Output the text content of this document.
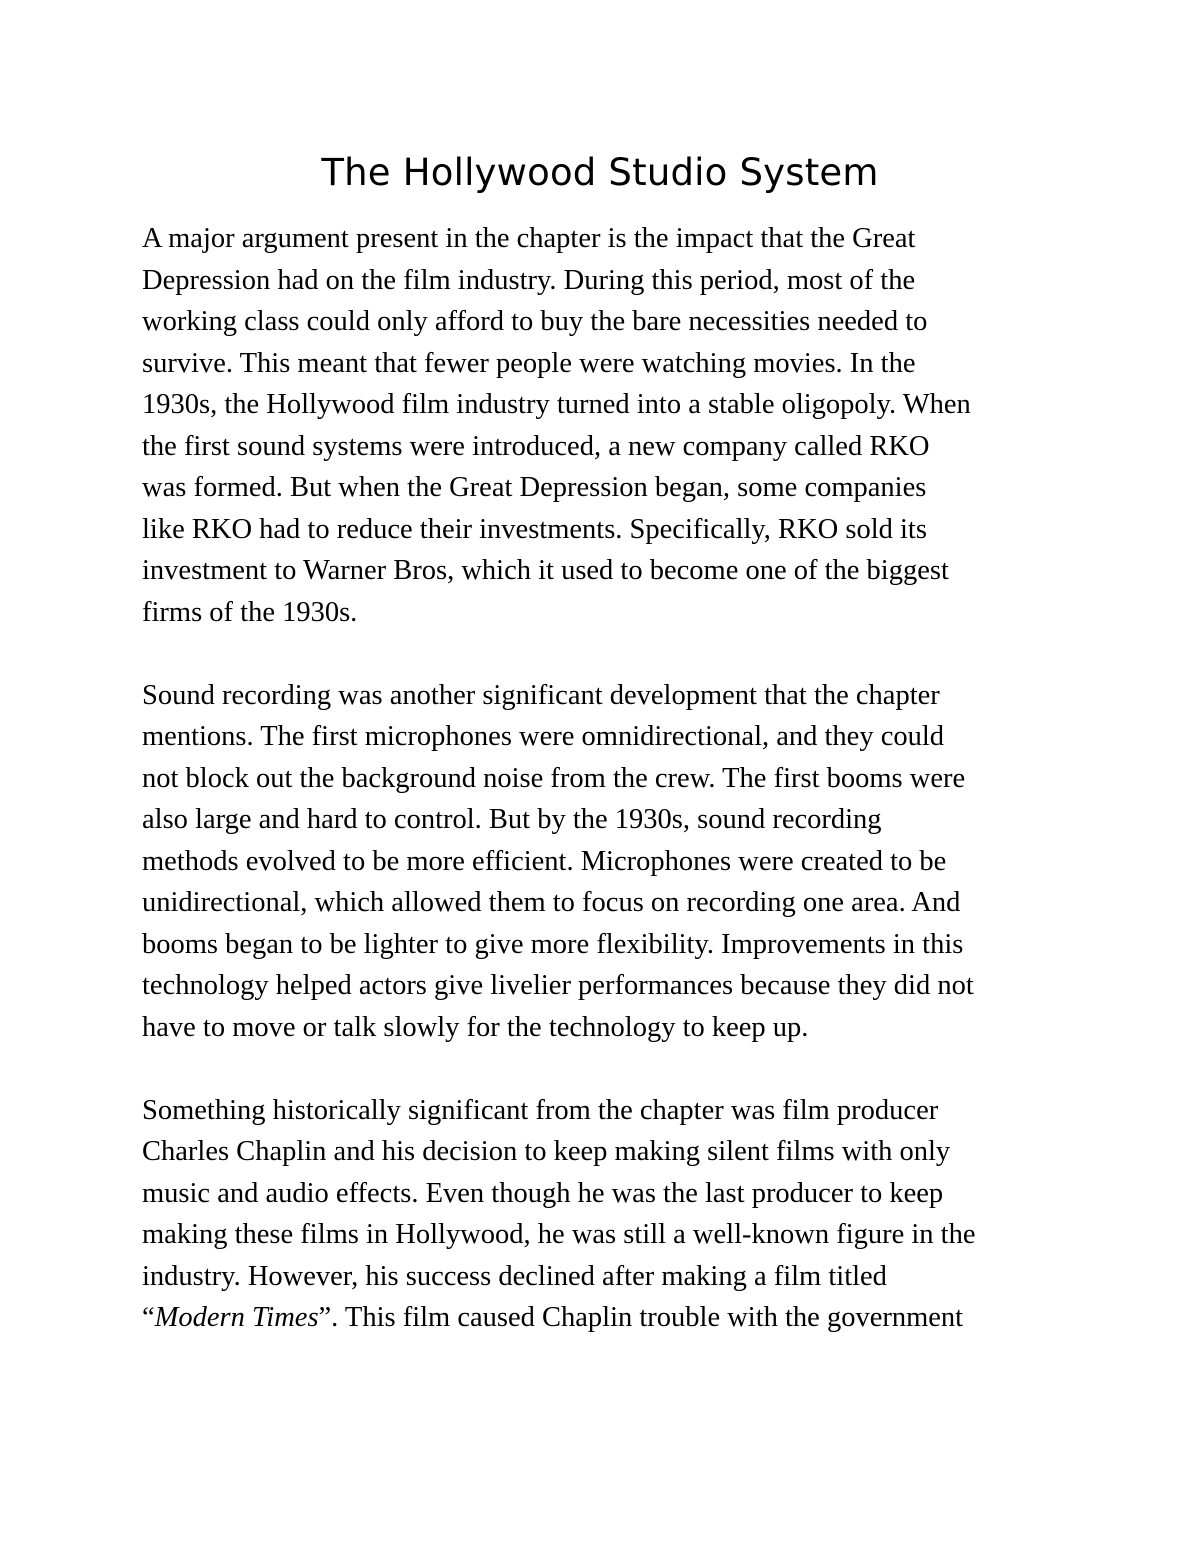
The Hollywood Studio System

A major argument present in the chapter is the impact that the Great
Depression had on the film industry. During this period, most of the
working class could only afford to buy the bare necessities needed to
survive. This meant that fewer people were watching movies. In the
1930s, the Hollywood film industry turned into a stable oligopoly. When
the first sound systems were introduced, a new company called RKO
was formed. But when the Great Depression began, some companies
like RKO had to reduce their investments. Specifically, RKO sold its
investment to Warner Bros, which it used to become one of the biggest
firms of the 1930s.

Sound recording was another significant development that the chapter
mentions. The first microphones were omnidirectional, and they could
not block out the background noise from the crew. The first booms were
also large and hard to control. But by the 1930s, sound recording
methods evolved to be more efficient. Microphones were created to be
unidirectional, which allowed them to focus on recording one area. And
booms began to be lighter to give more flexibility. Improvements in this
technology helped actors give livelier performances because they did not
have to move or talk slowly for the technology to keep up.

Something historically significant from the chapter was film producer
Charles Chaplin and his decision to keep making silent films with only
music and audio effects. Even though he was the last producer to keep
making these films in Hollywood, he was still a well-known figure in the
industry. However, his success declined after making a film titled
“Modern Times”. This film caused Chaplin trouble with the government
